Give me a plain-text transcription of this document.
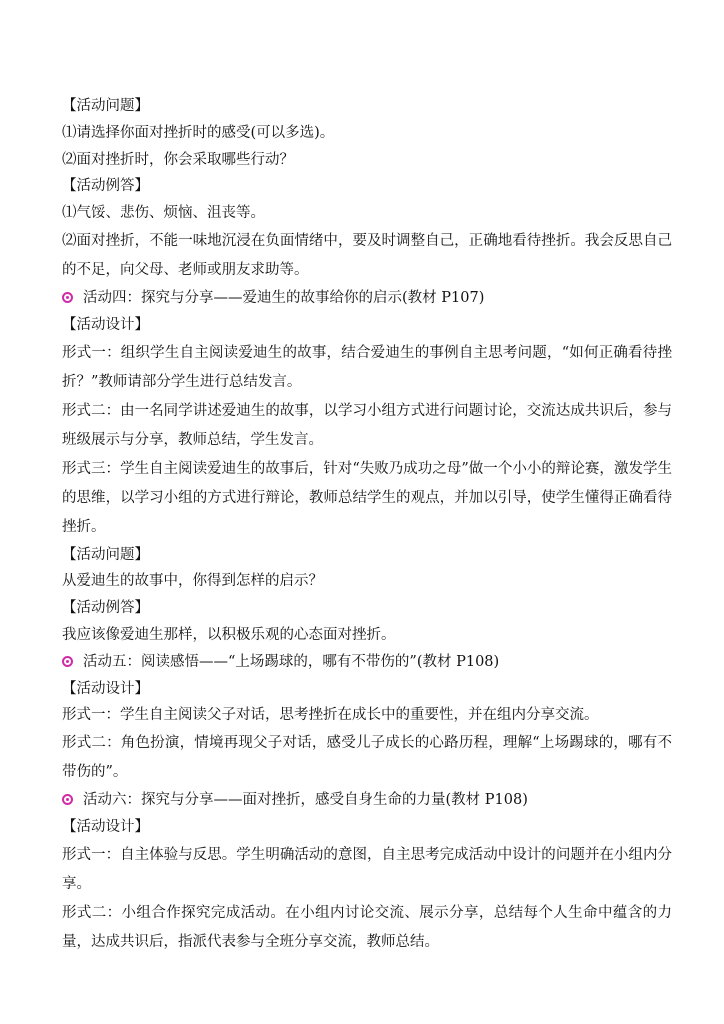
【活动问题】
⑴请选择你面对挫折时的感受(可以多选)。
⑵面对挫折时，你会采取哪些行动？
【活动例答】
⑴气馁、悲伤、烦恼、沮丧等。
⑵面对挫折，不能一味地沉浸在负面情绪中，要及时调整自己，正确地看待挫折。我会反思自己的不足，向父母、老师或朋友求助等。
活动四：探究与分享——爱迪生的故事给你的启示(教材 P107)
【活动设计】
形式一：组织学生自主阅读爱迪生的故事，结合爱迪生的事例自主思考问题，“如何正确看待挫折？”教师请部分学生进行总结发言。
形式二：由一名同学讲述爱迪生的故事，以学习小组方式进行问题讨论，交流达成共识后，参与班级展示与分享，教师总结，学生发言。
形式三：学生自主阅读爱迪生的故事后，针对“失败乃成功之母”做一个小小的辩论赛，激发学生的思维，以学习小组的方式进行辩论，教师总结学生的观点，并加以引导，使学生懂得正确看待挫折。
【活动问题】
从爱迪生的故事中，你得到怎样的启示？
【活动例答】
我应该像爱迪生那样，以积极乐观的心态面对挫折。
活动五：阅读感悟——“上场踢球的，哪有不带伤的”(教材 P108)
【活动设计】
形式一：学生自主阅读父子对话，思考挫折在成长中的重要性，并在组内分享交流。
形式二：角色扮演，情境再现父子对话，感受儿子成长的心路历程，理解“上场踢球的，哪有不带伤的”。
活动六：探究与分享——面对挫折，感受自身生命的力量(教材 P108)
【活动设计】
形式一：自主体验与反思。学生明确活动的意图，自主思考完成活动中设计的问题并在小组内分享。
形式二：小组合作探究完成活动。在小组内讨论交流、展示分享，总结每个人生命中蕴含的力量，达成共识后，指派代表参与全班分享交流，教师总结。
